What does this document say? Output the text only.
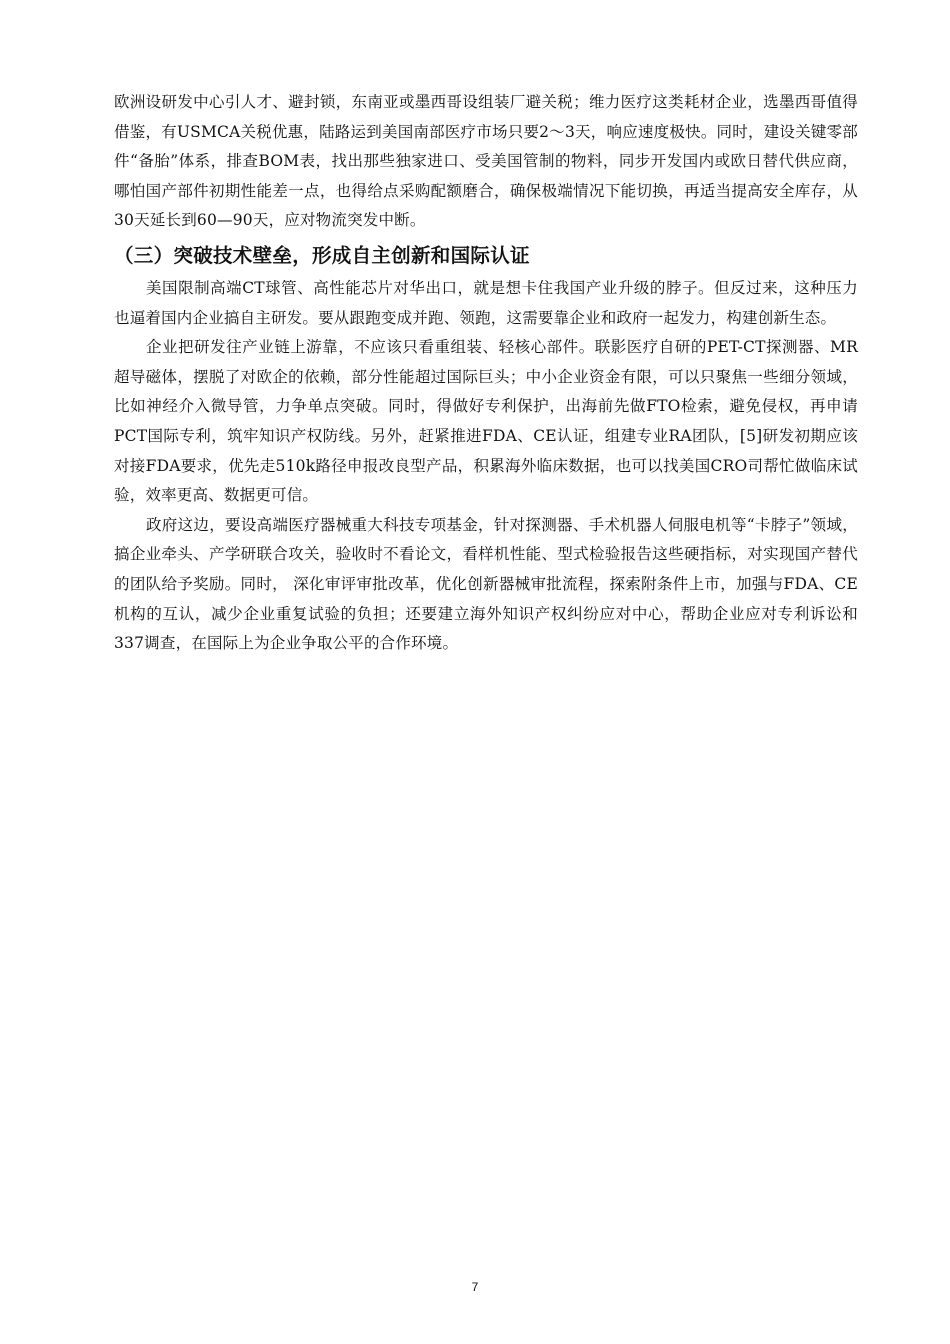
欧洲设研发中心引人才、避封锁，东南亚或墨西哥设组装厂避关税；维力医疗这类耗材企业，选墨西哥值得借鉴，有USMCA关税优惠，陆路运到美国南部医疗市场只要2～3天，响应速度极快。同时，建设关键零部件“备胎”体系，排查BOM表，找出那些独家进口、受美国管制的物料，同步开发国内或欧日替代供应商，哪怕国产部件初期性能差一点，也得给点采购配额磨合，确保极端情况下能切换，再适当提高安全库存，从30天延长到60—90天，应对物流突发中断。

（三）突破技术壁垒，形成自主创新和国际认证

美国限制高端CT球管、高性能芯片对华出口，就是想卡住我国产业升级的脖子。但反过来，这种压力也逼着国内企业搞自主研发。要从跟跑变成并跑、领跑，这需要靠企业和政府一起发力，构建创新生态。

企业把研发往产业链上游靠，不应该只看重组装、轻核心部件。联影医疗自研的PET-CT探测器、MR超导磁体，摆脱了对欧企的依赖，部分性能超过国际巨头；中小企业资金有限，可以只聚焦一些细分领域，比如神经介入微导管，力争单点突破。同时，得做好专利保护，出海前先做FTO检索，避免侵权，再申请PCT国际专利，筑牢知识产权防线。另外，赶紧推进FDA、CE认证，组建专业RA团队，[5]研发初期应该对接FDA要求，优先走510k路径申报改良型产品，积累海外临床数据，也可以找美国CRO司帮忙做临床试验，效率更高、数据更可信。

政府这边，要设高端医疗器械重大科技专项基金，针对探测器、手术机器人伺服电机等“卡脖子”领域，搞企业牵头、产学研联合攻关，验收时不看论文，看样机性能、型式检验报告这些硬指标，对实现国产替代的团队给予奖励。同时， 深化审评审批改革，优化创新器械审批流程，探索附条件上市，加强与FDA、CE机构的互认，减少企业重复试验的负担；还要建立海外知识产权纠纷应对中心，帮助企业应对专利诉讼和337调查，在国际上为企业争取公平的合作环境。

7
